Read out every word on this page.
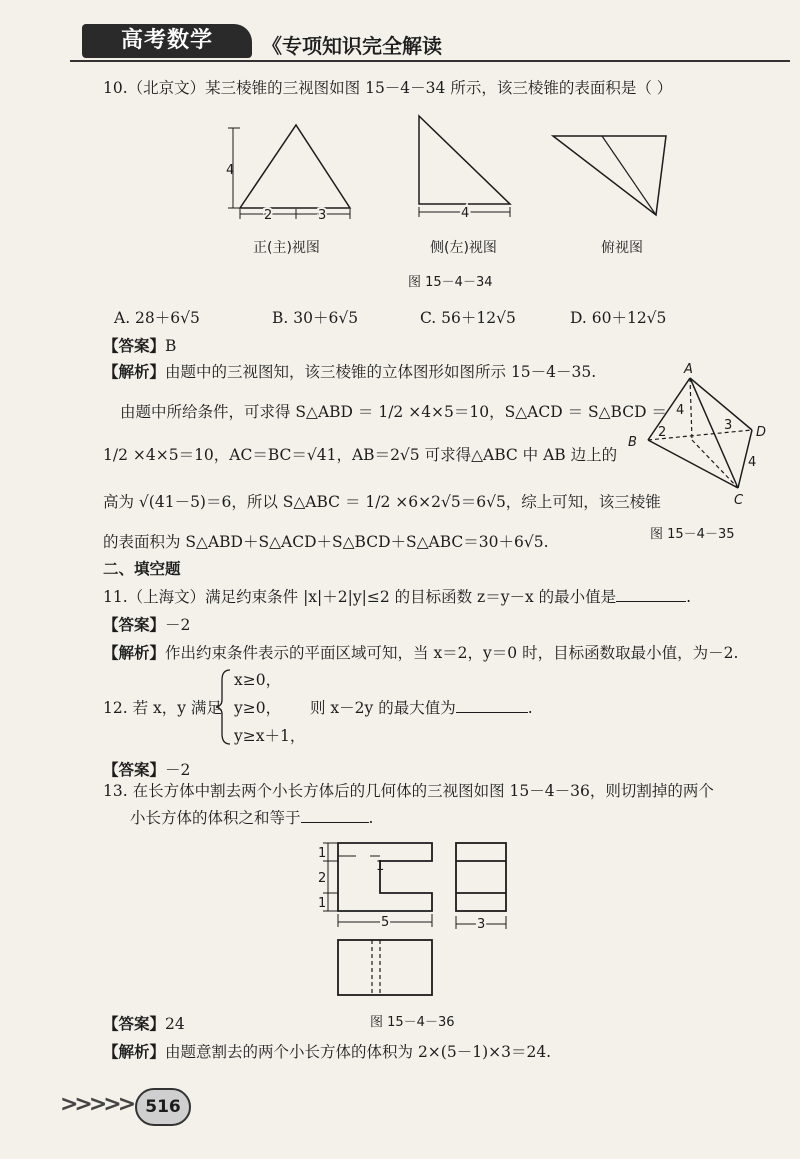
高考数学	《专项知识完全解读
10.（北京文）某三棱锥的三视图如图 15－4－34 所示，该三棱锥的表面积是（ ）
4
2	3	4
正(主)视图	侧(左)视图	俯视图
图 15－4－34
A. 28＋6√5	B. 30＋6√5	C. 56＋12√5	D. 60＋12√5
【答案】B
【解析】由题中的三视图知，该三棱锥的立体图形如图所示 15－4－35.
由题中所给条件，可求得 S△ABD ＝ 1/2 ×4×5＝10，S△ACD ＝ S△BCD ＝
1/2 ×4×5＝10，AC＝BC＝√41，AB＝2√5 可求得△ABC 中 AB 边上的
高为 √(41－5)＝6，所以 S△ABC ＝ 1/2 ×6×2√5＝6√5，综上可知，该三棱锥
的表面积为 S△ABD＋S△ACD＋S△BCD＋S△ABC＝30＋6√5.
A
B
C
D
4
2	3
4
图 15－4－35
二、填空题
11.（上海文）满足约束条件 |x|＋2|y|≤2 的目标函数 z＝y－x 的最小值是	.
【答案】－2
【解析】作出约束条件表示的平面区域可知，当 x＝2，y＝0 时，目标函数取最小值，为－2.
12. 若 x，y 满足
x≥0，
y≥0，
y≥x＋1，
则 x－2y 的最大值为	.
【答案】－2
13. 在长方体中割去两个小长方体后的几何体的三视图如图 15－4－36，则切割掉的两个
小长方体的体积之和等于	.
1
2
1
1
5	3
图 15－4－36
【答案】24
【解析】由题意割去的两个小长方体的体积为 2×(5－1)×3＝24.
>>>>> 516
